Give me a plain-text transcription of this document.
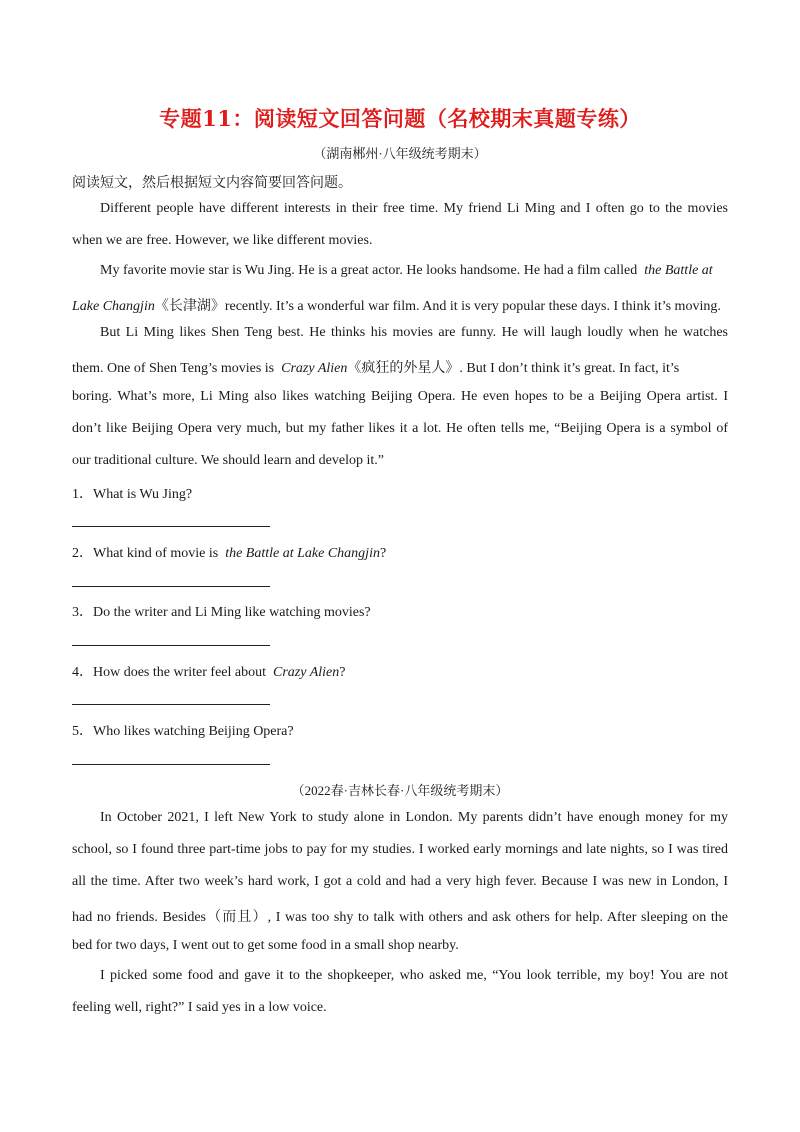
专题11：阅读短文回答问题（名校期末真题专练）
（湖南郴州·八年级统考期末）
阅读短文，然后根据短文内容简要回答问题。
Different people have different interests in their free time. My friend Li Ming and I often go to the movies
when we are free. However, we like different movies.
My favorite movie star is Wu Jing. He is a great actor. He looks handsome. He had a film called the Battle at
Lake Changjin《长津湖》recently. It’s a wonderful war film. And it is very popular these days. I think it’s moving.
But Li Ming likes Shen Teng best. He thinks his movies are funny. He will laugh loudly when he watches
them. One of Shen Teng’s movies is Crazy Alien《疯狂的外星人》. But I don’t think it’s great. In fact, it’s
boring. What’s more, Li Ming also likes watching Beijing Opera. He even hopes to be a Beijing Opera artist. I
don’t like Beijing Opera very much, but my father likes it a lot. He often tells me, “Beijing Opera is a symbol of
our traditional culture. We should learn and develop it.”
1．What is Wu Jing?
2．What kind of movie is  the Battle at Lake Changjin?
3．Do the writer and Li Ming like watching movies?
4．How does the writer feel about  Crazy Alien?
5．Who likes watching Beijing Opera?
（2022春·吉林长春·八年级统考期末）
In October 2021, I left New York to study alone in London. My parents didn’t have enough money for my
school, so I found three part-time jobs to pay for my studies. I worked early mornings and late nights, so I was tired
all the time. After two week’s hard work, I got a cold and had a very high fever. Because I was new in London, I
had no friends. Besides（而且）, I was too shy to talk with others and ask others for help. After sleeping on the
bed for two days, I went out to get some food in a small shop nearby.
I picked some food and gave it to the shopkeeper, who asked me, “You look terrible, my boy! You are not
feeling well, right?” I said yes in a low voice.
